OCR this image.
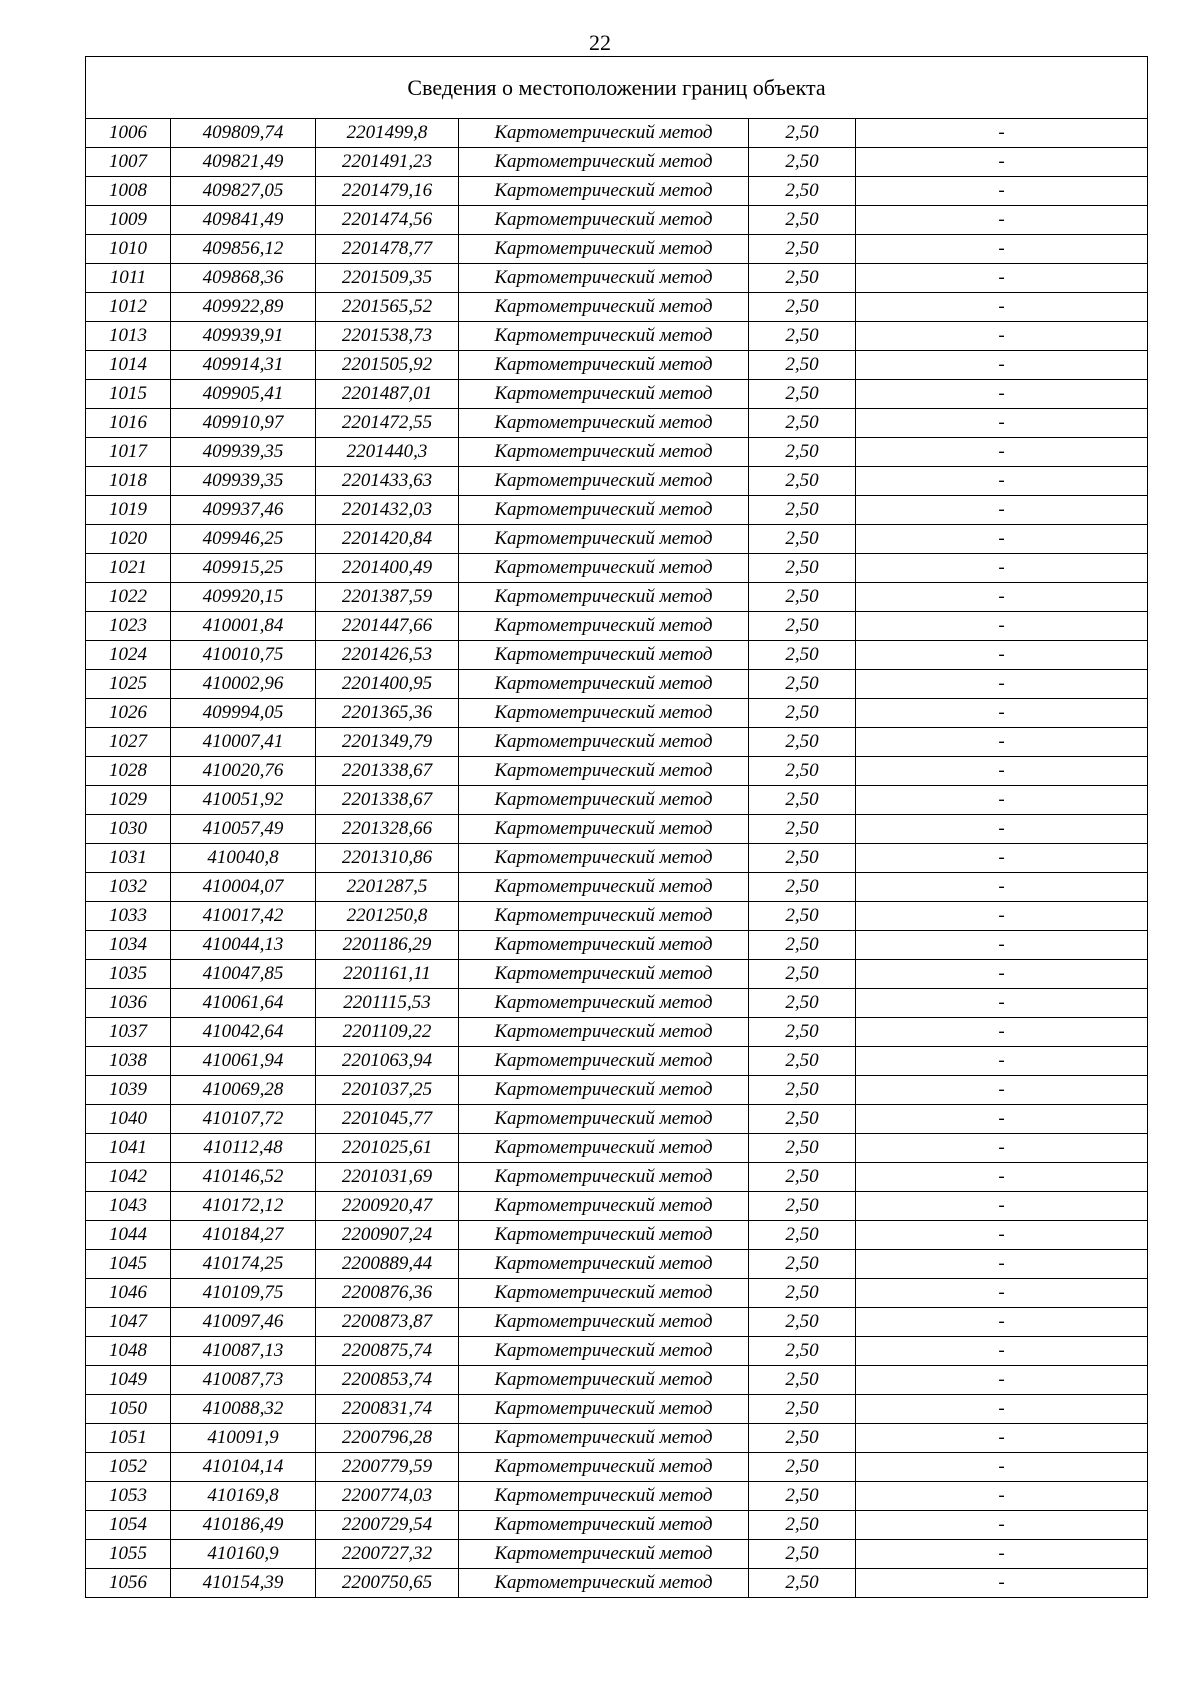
22
Сведения о местоположении границ объекта					
1006	409809,74	2201499,8	Картометрический метод	2,50	-
1007	409821,49	2201491,23	Картометрический метод	2,50	-
1008	409827,05	2201479,16	Картометрический метод	2,50	-
1009	409841,49	2201474,56	Картометрический метод	2,50	-
1010	409856,12	2201478,77	Картометрический метод	2,50	-
1011	409868,36	2201509,35	Картометрический метод	2,50	-
1012	409922,89	2201565,52	Картометрический метод	2,50	-
1013	409939,91	2201538,73	Картометрический метод	2,50	-
1014	409914,31	2201505,92	Картометрический метод	2,50	-
1015	409905,41	2201487,01	Картометрический метод	2,50	-
1016	409910,97	2201472,55	Картометрический метод	2,50	-
1017	409939,35	2201440,3	Картометрический метод	2,50	-
1018	409939,35	2201433,63	Картометрический метод	2,50	-
1019	409937,46	2201432,03	Картометрический метод	2,50	-
1020	409946,25	2201420,84	Картометрический метод	2,50	-
1021	409915,25	2201400,49	Картометрический метод	2,50	-
1022	409920,15	2201387,59	Картометрический метод	2,50	-
1023	410001,84	2201447,66	Картометрический метод	2,50	-
1024	410010,75	2201426,53	Картометрический метод	2,50	-
1025	410002,96	2201400,95	Картометрический метод	2,50	-
1026	409994,05	2201365,36	Картометрический метод	2,50	-
1027	410007,41	2201349,79	Картометрический метод	2,50	-
1028	410020,76	2201338,67	Картометрический метод	2,50	-
1029	410051,92	2201338,67	Картометрический метод	2,50	-
1030	410057,49	2201328,66	Картометрический метод	2,50	-
1031	410040,8	2201310,86	Картометрический метод	2,50	-
1032	410004,07	2201287,5	Картометрический метод	2,50	-
1033	410017,42	2201250,8	Картометрический метод	2,50	-
1034	410044,13	2201186,29	Картометрический метод	2,50	-
1035	410047,85	2201161,11	Картометрический метод	2,50	-
1036	410061,64	2201115,53	Картометрический метод	2,50	-
1037	410042,64	2201109,22	Картометрический метод	2,50	-
1038	410061,94	2201063,94	Картометрический метод	2,50	-
1039	410069,28	2201037,25	Картометрический метод	2,50	-
1040	410107,72	2201045,77	Картометрический метод	2,50	-
1041	410112,48	2201025,61	Картометрический метод	2,50	-
1042	410146,52	2201031,69	Картометрический метод	2,50	-
1043	410172,12	2200920,47	Картометрический метод	2,50	-
1044	410184,27	2200907,24	Картометрический метод	2,50	-
1045	410174,25	2200889,44	Картометрический метод	2,50	-
1046	410109,75	2200876,36	Картометрический метод	2,50	-
1047	410097,46	2200873,87	Картометрический метод	2,50	-
1048	410087,13	2200875,74	Картометрический метод	2,50	-
1049	410087,73	2200853,74	Картометрический метод	2,50	-
1050	410088,32	2200831,74	Картометрический метод	2,50	-
1051	410091,9	2200796,28	Картометрический метод	2,50	-
1052	410104,14	2200779,59	Картометрический метод	2,50	-
1053	410169,8	2200774,03	Картометрический метод	2,50	-
1054	410186,49	2200729,54	Картометрический метод	2,50	-
1055	410160,9	2200727,32	Картометрический метод	2,50	-
1056	410154,39	2200750,65	Картометрический метод	2,50	-
